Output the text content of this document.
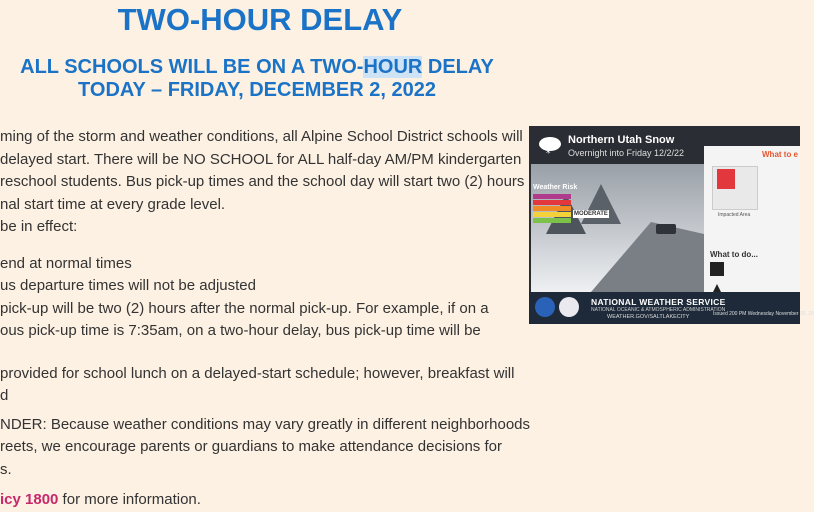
TWO-HOUR DELAY
ALL SCHOOLS WILL BE ON A TWO-HOUR DELAY
TODAY – FRIDAY, DECEMBER 2, 2022
ming of the storm and weather conditions, all Alpine School District schools will
delayed start. There will be NO SCHOOL for ALL half-day AM/PM kindergarten
reschool students. Bus pick-up times and the school day will start two (2) hours
nal start time at every grade level.
be in effect:
end at normal times
us departure times will not be adjusted
pick-up will be two (2) hours after the normal pick-up. For example, if on a
ous pick-up time is 7:35am, on a two-hour delay, bus pick-up time will be
provided for school lunch on a delayed-start schedule; however, breakfast will
d
NDER: Because weather conditions may vary greatly in different neighborhoods
reets, we encourage parents or guardians to make attendance decisions for
s.
icy 1800 for more information.
*
Northern Utah Snow
Overnight into Friday 12/2/22
Weather Risk
MODERATE
What to e
Impacted Area
What to do...
NATIONAL WEATHER SERVICE
NATIONAL OCEANIC & ATMOSPHERIC ADMINISTRATION
WEATHER.GOV/SALTLAKECITY	Issued 200 PM Wednesday November 30, 20
